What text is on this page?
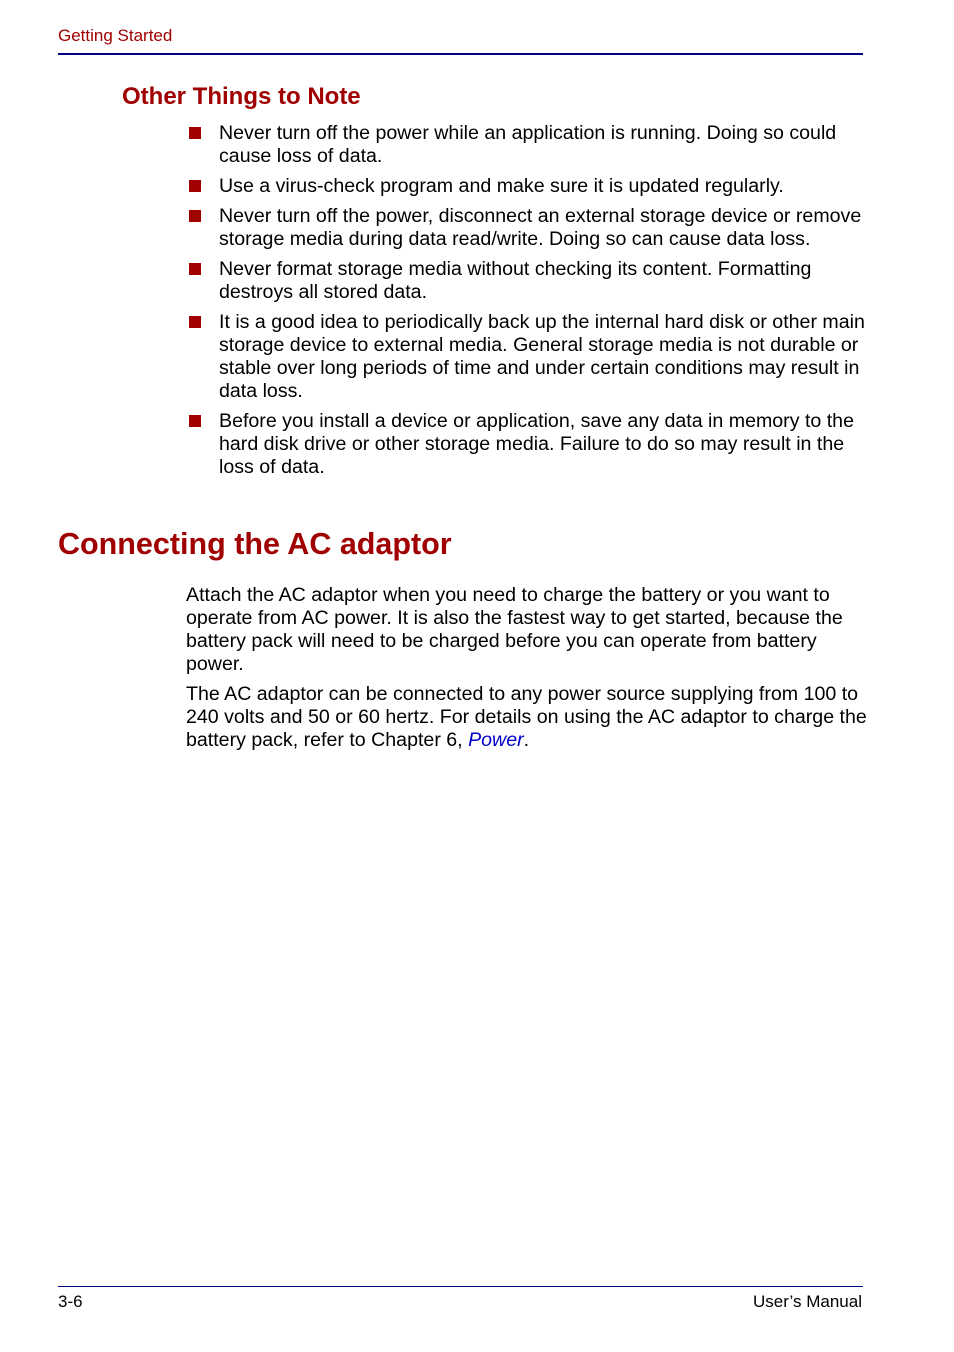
Getting Started
Other Things to Note
Never turn off the power while an application is running. Doing so could cause loss of data.
Use a virus-check program and make sure it is updated regularly.
Never turn off the power, disconnect an external storage device or remove storage media during data read/write. Doing so can cause data loss.
Never format storage media without checking its content. Formatting destroys all stored data.
It is a good idea to periodically back up the internal hard disk or other main storage device to external media. General storage media is not durable or stable over long periods of time and under certain conditions may result in data loss.
Before you install a device or application, save any data in memory to the hard disk drive or other storage media. Failure to do so may result in the loss of data.
Connecting the AC adaptor

Attach the AC adaptor when you need to charge the battery or you want to operate from AC power. It is also the fastest way to get started, because the battery pack will need to be charged before you can operate from battery power.

The AC adaptor can be connected to any power source supplying from 100 to 240 volts and 50 or 60 hertz. For details on using the AC adaptor to charge the battery pack, refer to Chapter 6, Power.

3-6	User’s Manual
